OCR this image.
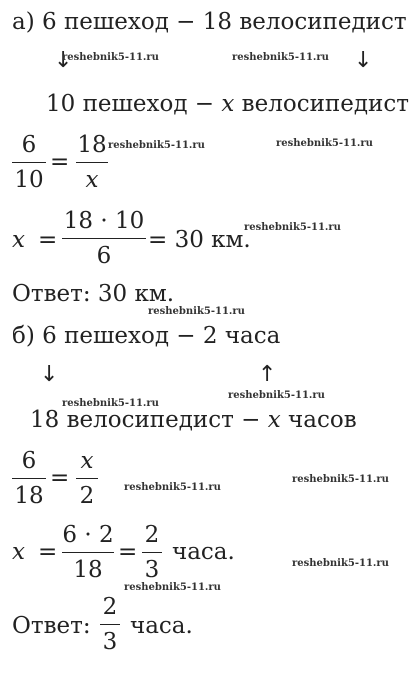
а) 6 пешеход − 18 велосипедист
↓	↓
10 пешеход − x велосипедист
6
10
=
18
x
x =
18 · 10
6
= 30 км.
Ответ: 30 км.
б) 6 пешеход − 2 часа
↓	↑
18 велосипедист − x часов
6
18
=
x
2
x =
6 · 2
18
=
2
3
часа.
Ответ:
2
3
часа.
reshebnik5-11.ru	reshebnik5-11.ru
reshebnik5-11.ru	reshebnik5-11.ru
reshebnik5-11.ru
reshebnik5-11.ru
reshebnik5-11.ru
reshebnik5-11.ru
reshebnik5-11.ru
reshebnik5-11.ru
reshebnik5-11.ru
reshebnik5-11.ru
